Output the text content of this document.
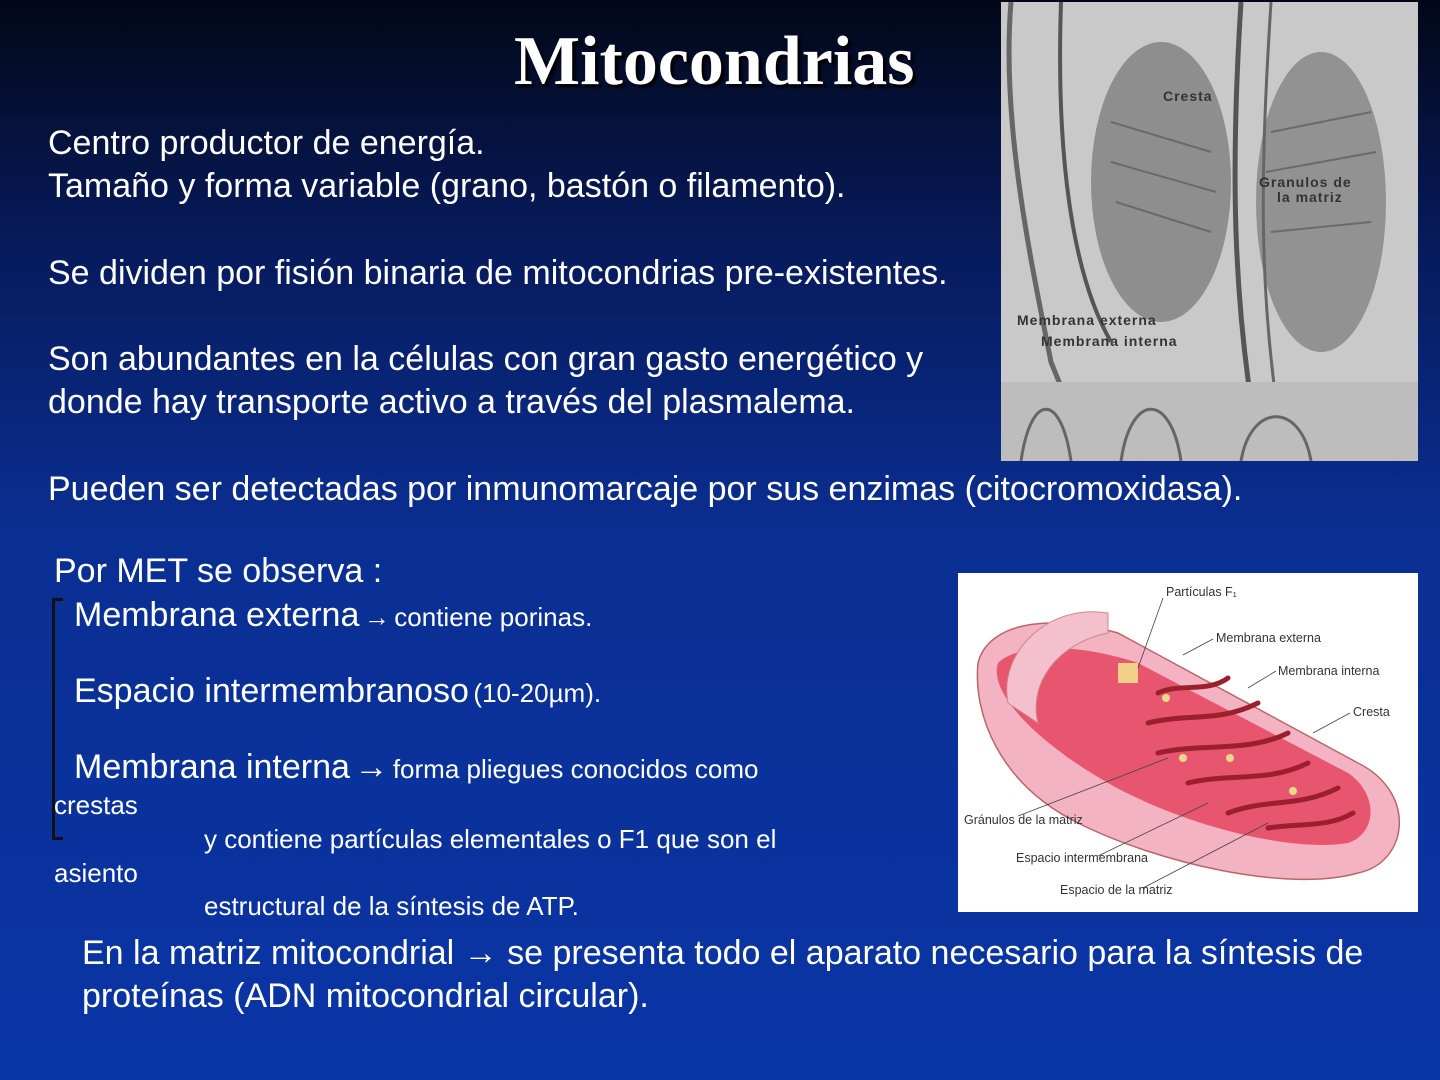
Mitocondrias
Centro productor de energía.
Tamaño y forma variable (grano, bastón o filamento).
Se dividen por fisión binaria de mitocondrias pre-existentes.
Son abundantes en la células con gran gasto energético y
donde hay transporte activo a través del plasmalema.
Pueden ser detectadas por inmunomarcaje por sus enzimas (citocromoxidasa).
Por MET se observa :
Membrana externa → contiene porinas.
Espacio intermembranoso (10-20µm).
Membrana interna → forma pliegues conocidos como
crestas
y contiene partículas elementales o F1 que son el
asiento
estructural de la síntesis de ATP.
En la matriz mitocondrial → se presenta todo el aparato necesario para la síntesis de
proteínas (ADN mitocondrial circular).
Cresta
Granulos de
la matriz
Membrana externa
Membrana interna
Partículas F₁
Membrana externa
Membrana interna
Cresta
Gránulos de la matriz
Espacio intermembrana
Espacio de la matriz
